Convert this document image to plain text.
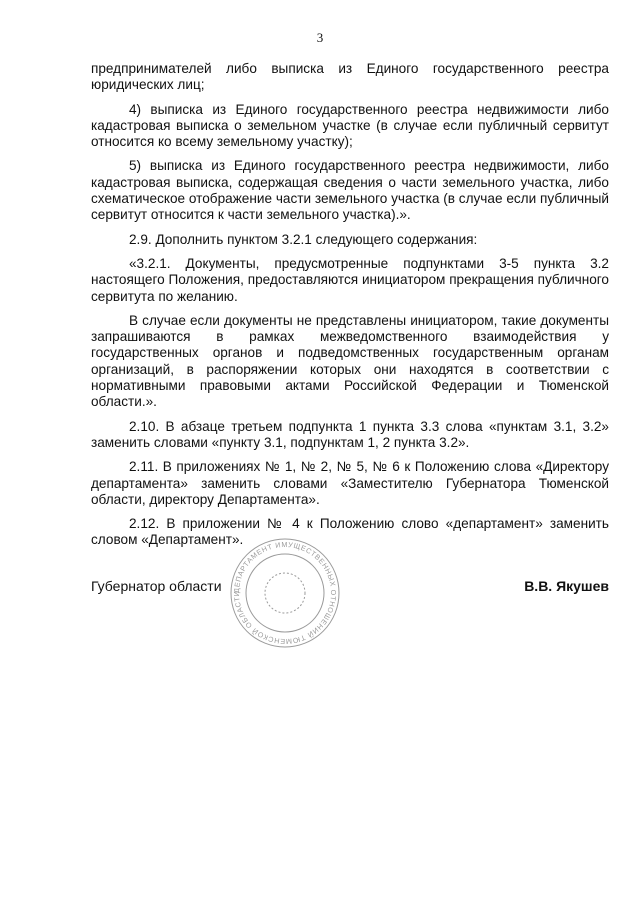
3

предпринимателей либо выписка из Единого государственного реестра юридических лиц;

4) выписка из Единого государственного реестра недвижимости либо кадастровая выписка о земельном участке (в случае если публичный сервитут относится ко всему земельному участку);

5) выписка из Единого государственного реестра недвижимости, либо кадастровая выписка, содержащая сведения о части земельного участка, либо схематическое отображение части земельного участка (в случае если публичный сервитут относится к части земельного участка).».

2.9. Дополнить пунктом 3.2.1 следующего содержания:

«3.2.1. Документы, предусмотренные подпунктами 3-5 пункта 3.2 настоящего Положения, предоставляются инициатором прекращения публичного сервитута по желанию.

В случае если документы не представлены инициатором, такие документы запрашиваются в рамках межведомственного взаимодействия у государственных органов и подведомственных государственным органам организаций, в распоряжении которых они находятся в соответствии с нормативными правовыми актами Российской Федерации и Тюменской области.».

2.10. В абзаце третьем подпункта 1 пункта 3.3 слова «пунктам 3.1, 3.2» заменить словами «пункту 3.1, подпунктам 1, 2 пункта 3.2».

2.11. В приложениях № 1, № 2, № 5, № 6 к Положению слова «Директору департамента» заменить словами «Заместителю Губернатора Тюменской области, директору Департамента».

2.12. В приложении № 4 к Положению слово «департамент» заменить словом «Департамент».

ДЕПАРТАМЕНТ ИМУЩЕСТВЕННЫХ ОТНОШЕНИЙ ТЮМЕНСКОЙ ОБЛАСТИ
Губернатор области	В.В. Якушев
